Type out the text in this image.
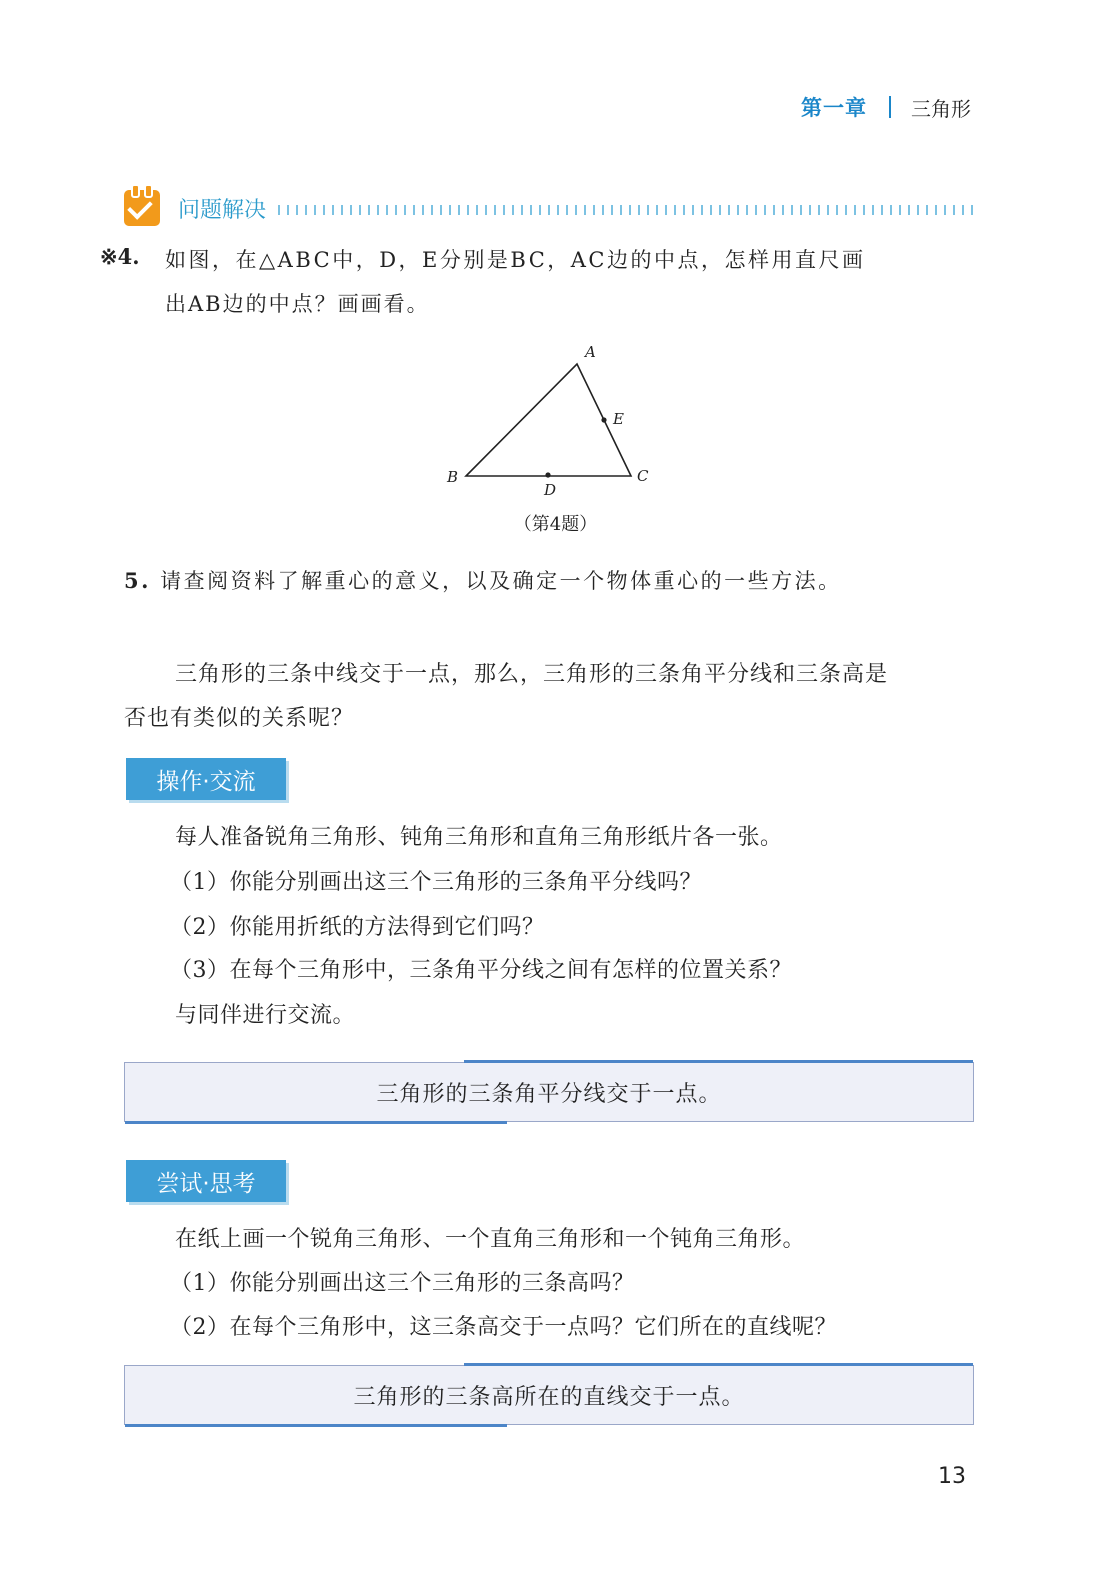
第一章 三角形
问题解决
※4. 如图，在△ABC中，D，E分别是BC，AC边的中点，怎样用直尺画
出AB边的中点？画画看。
A
B	C
D
E
（第4题）
5. 请查阅资料了解重心的意义，以及确定一个物体重心的一些方法。
三角形的三条中线交于一点，那么，三角形的三条角平分线和三条高是
否也有类似的关系呢？
操作·交流
每人准备锐角三角形、钝角三角形和直角三角形纸片各一张。
（1）你能分别画出这三个三角形的三条角平分线吗？
（2）你能用折纸的方法得到它们吗？
（3）在每个三角形中，三条角平分线之间有怎样的位置关系？
与同伴进行交流。
三角形的三条角平分线交于一点。
尝试·思考
在纸上画一个锐角三角形、一个直角三角形和一个钝角三角形。
（1）你能分别画出这三个三角形的三条高吗？
（2）在每个三角形中，这三条高交于一点吗？它们所在的直线呢？
三角形的三条高所在的直线交于一点。
13
